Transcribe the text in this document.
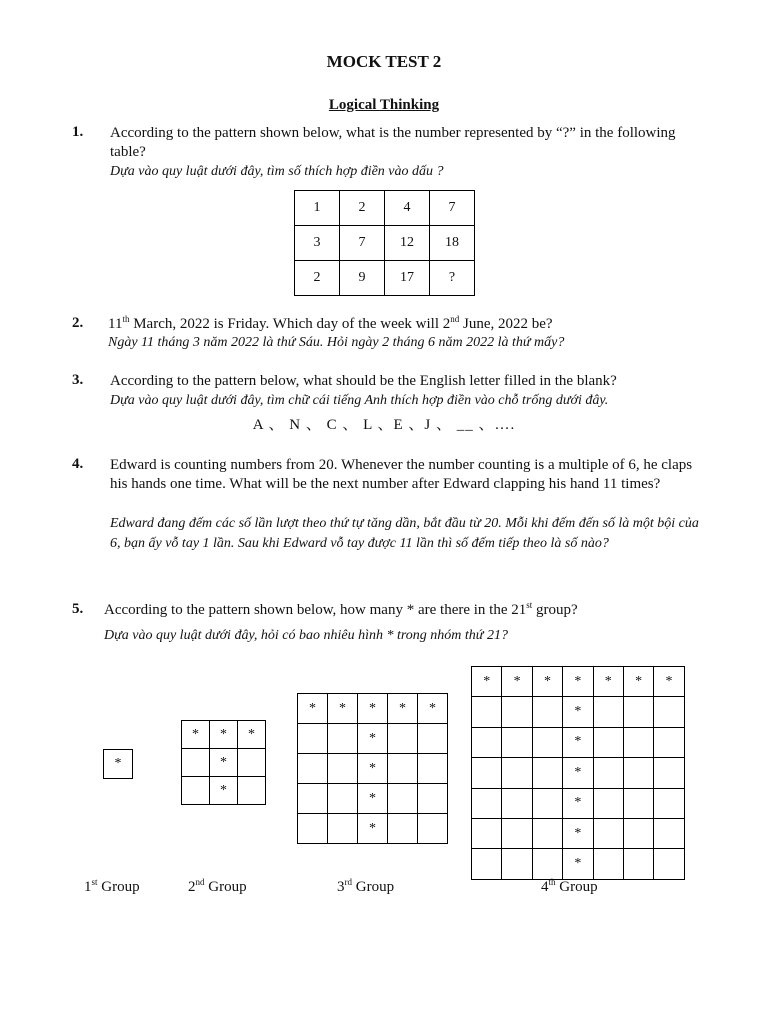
MOCK TEST 2
Logical Thinking
1. According to the pattern shown below, what is the number represented by “?” in the following table?
Dựa vào quy luật dưới đây, tìm số thích hợp điền vào dấu ?
1	2	4	7
3	7	12	18
2	9	17	?
2. 11th March, 2022 is Friday. Which day of the week will 2nd June, 2022 be?
Ngày 11 tháng 3 năm 2022 là thứ Sáu. Hỏi ngày 2 tháng 6 năm 2022 là thứ mấy?
3. According to the pattern below, what should be the English letter filled in the blank?
Dựa vào quy luật dưới đây, tìm chữ cái tiếng Anh thích hợp điền vào chỗ trống dưới đây.
A 、 N 、 C 、 L 、E 、J 、 __ 、….
4. Edward is counting numbers from 20. Whenever the number counting is a multiple of 6, he claps his hands one time. What will be the next number after Edward clapping his hand 11 times?
Edward đang đếm các số lần lượt theo thứ tự tăng dần, bắt đầu từ 20. Mỗi khi đếm đến số là một bội của 6, bạn ấy vỗ tay 1 lần. Sau khi Edward vỗ tay được 11 lần thì số đếm tiếp theo là số nào?
5. According to the pattern shown below, how many * are there in the 21st group?
Dựa vào quy luật dưới đây, hỏi có bao nhiêu hình * trong nhóm thứ 21?
*
1st Group
*	*	*
	*	
	*	
2nd Group
*	*	*	*	*
		*		
		*		
		*		
		*		
3rd Group
*	*	*	*	*	*	*
			*			
			*			
			*			
			*			
			*			
			*			
4th Group
